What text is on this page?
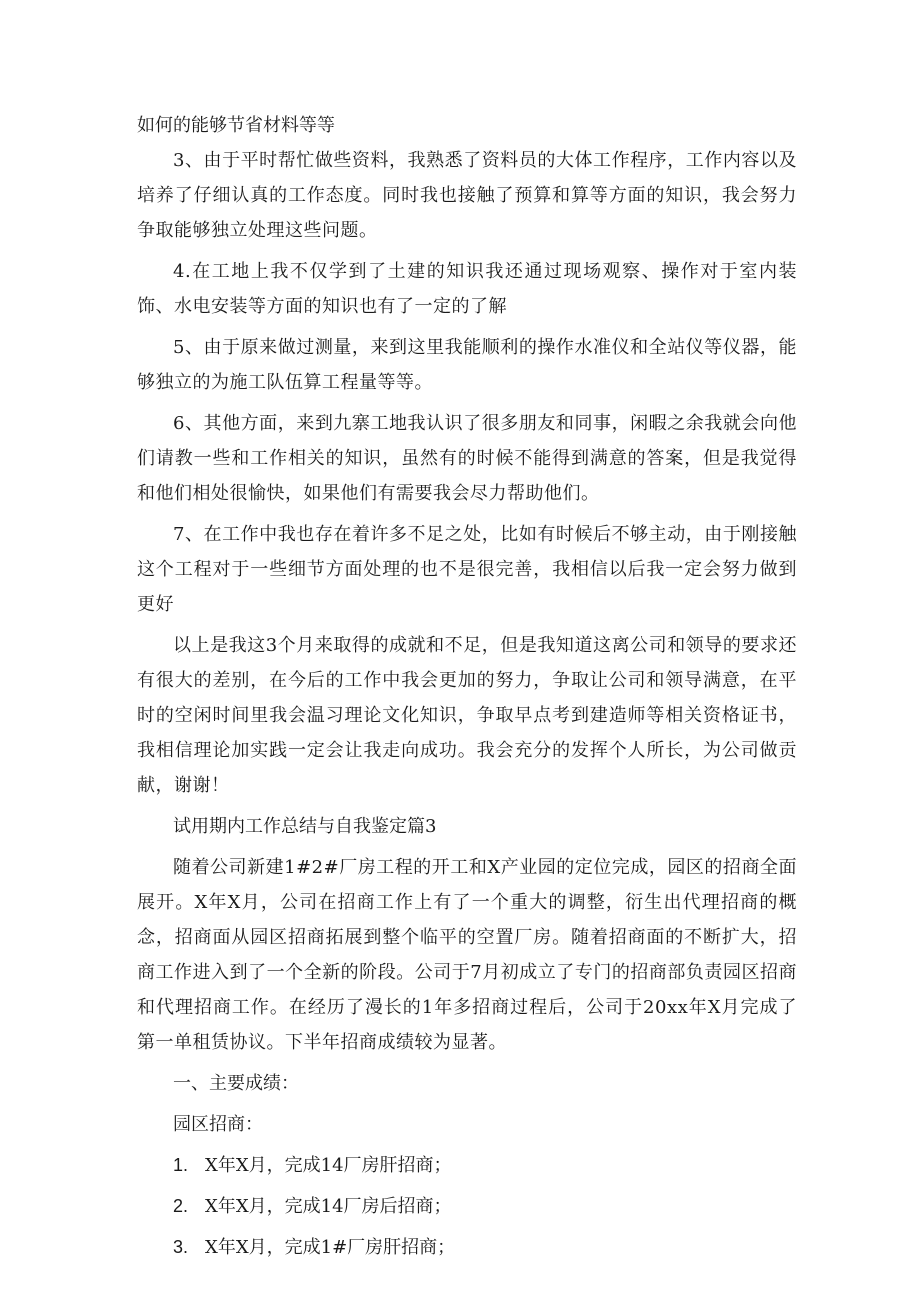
如何的能够节省材料等等

3、由于平时帮忙做些资料，我熟悉了资料员的大体工作程序，工作内容以及培养了仔细认真的工作态度。同时我也接触了预算和算等方面的知识，我会努力争取能够独立处理这些问题。

4.在工地上我不仅学到了土建的知识我还通过现场观察、操作对于室内装饰、水电安装等方面的知识也有了一定的了解

5、由于原来做过测量，来到这里我能顺利的操作水准仪和全站仪等仪器，能够独立的为施工队伍算工程量等等。

6、其他方面，来到九寨工地我认识了很多朋友和同事，闲暇之余我就会向他们请教一些和工作相关的知识，虽然有的时候不能得到满意的答案，但是我觉得和他们相处很愉快，如果他们有需要我会尽力帮助他们。

7、在工作中我也存在着许多不足之处，比如有时候后不够主动，由于刚接触这个工程对于一些细节方面处理的也不是很完善，我相信以后我一定会努力做到更好

以上是我这3个月来取得的成就和不足，但是我知道这离公司和领导的要求还有很大的差别，在今后的工作中我会更加的努力，争取让公司和领导满意，在平时的空闲时间里我会温习理论文化知识，争取早点考到建造师等相关资格证书，我相信理论加实践一定会让我走向成功。我会充分的发挥个人所长，为公司做贡献，谢谢！

试用期内工作总结与自我鉴定篇3

随着公司新建1#2#厂房工程的开工和X产业园的定位完成，园区的招商全面展开。X年X月，公司在招商工作上有了一个重大的调整，衍生出代理招商的概念，招商面从园区招商拓展到整个临平的空置厂房。随着招商面的不断扩大，招商工作进入到了一个全新的阶段。公司于7月初成立了专门的招商部负责园区招商和代理招商工作。在经历了漫长的1年多招商过程后，公司于20xx年X月完成了第一单租赁协议。下半年招商成绩较为显著。

一、主要成绩：

园区招商：

1. X年X月，完成14厂房肝招商；
2. X年X月，完成14厂房后招商；
3. X年X月，完成1#厂房肝招商；
